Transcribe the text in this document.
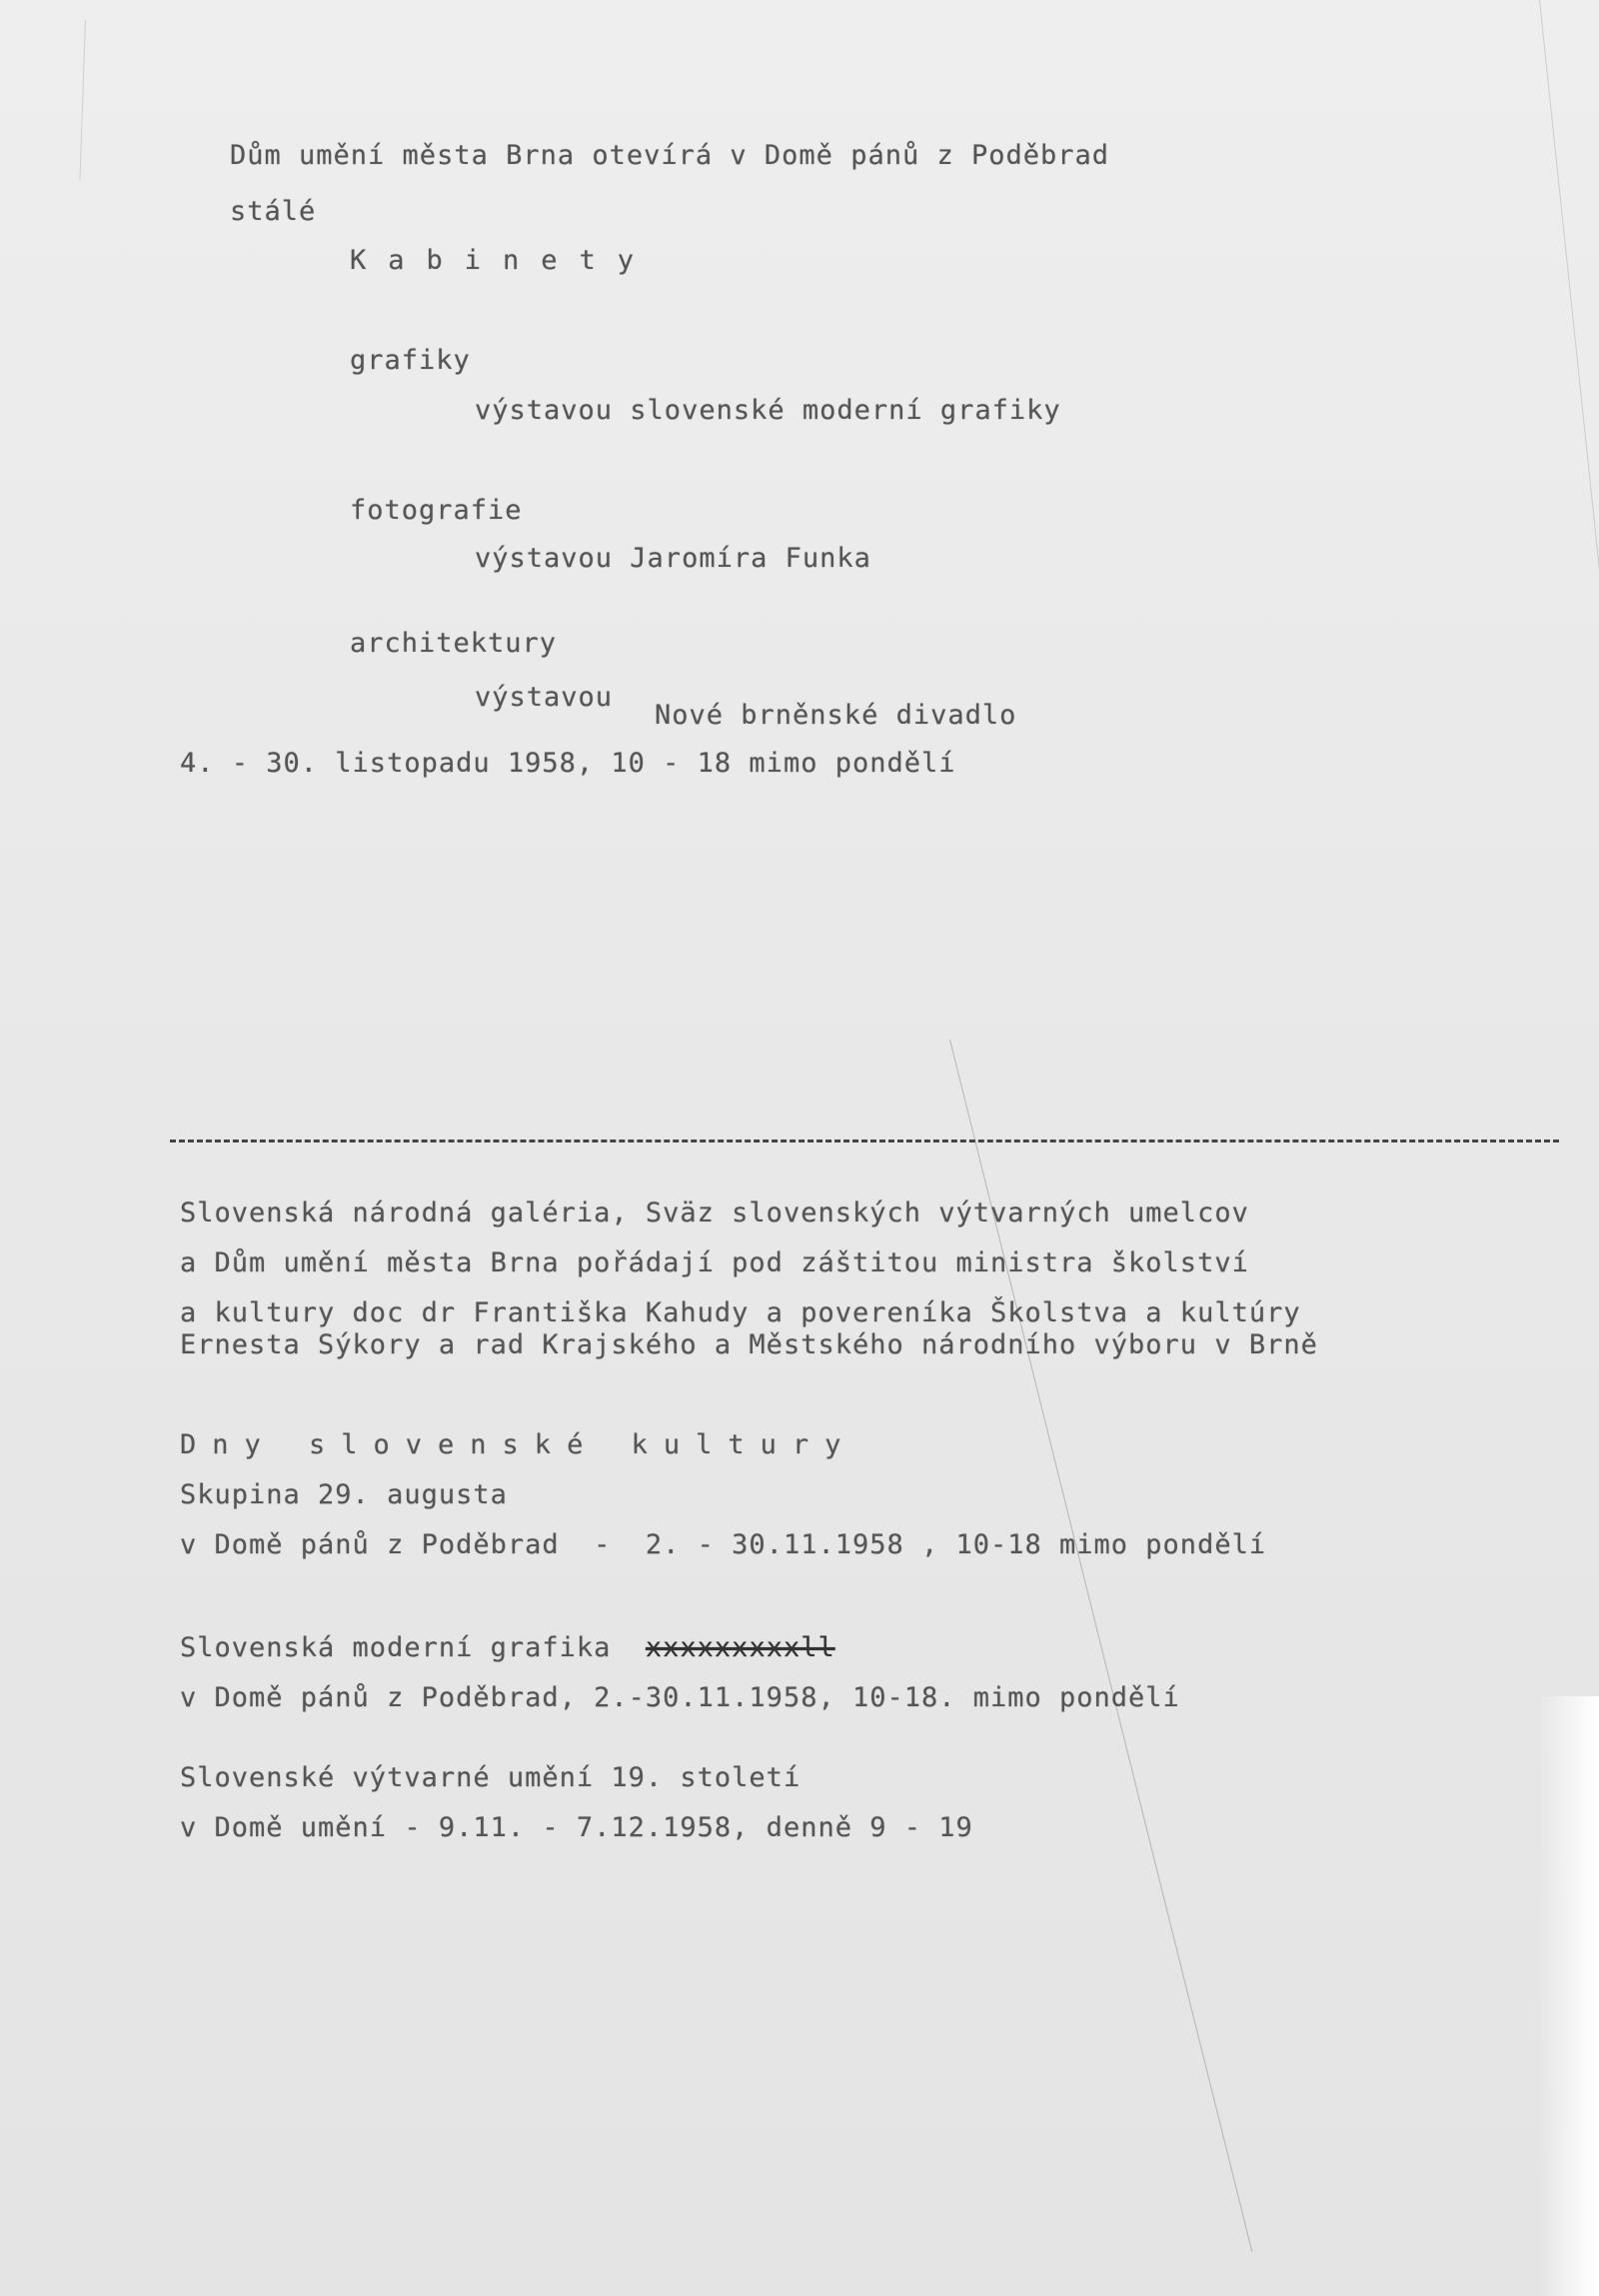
Dům umění města Brna otevírá v Domě pánů z Poděbrad
stálé
Kabinety
grafiky
výstavou slovenské moderní grafiky
fotografie
výstavou Jaromíra Funka
architektury
výstavou
Nové brněnské divadlo
4. - 30. listopadu 1958, 10 - 18 mimo pondělí
Slovenská národná galéria, Sväz slovenských výtvarných umelcov
a Dům umění města Brna pořádají pod záštitou ministra školství
a kultury doc dr Františka Kahudy a povereníka Školstva a kultúry
Ernesta Sýkory a rad Krajského a Městského národního výboru v Brně
Dny slovenské kultury
Skupina 29. augusta
v Domě pánů z Poděbrad  -  2. - 30.11.1958 , 10-18 mimo pondělí
Slovenská moderní grafika xxxxxxxxxll
v Domě pánů z Poděbrad, 2.-30.11.1958, 10-18. mimo pondělí
Slovenské výtvarné umění 19. století
v Domě umění - 9.11. - 7.12.1958, denně 9 - 19
